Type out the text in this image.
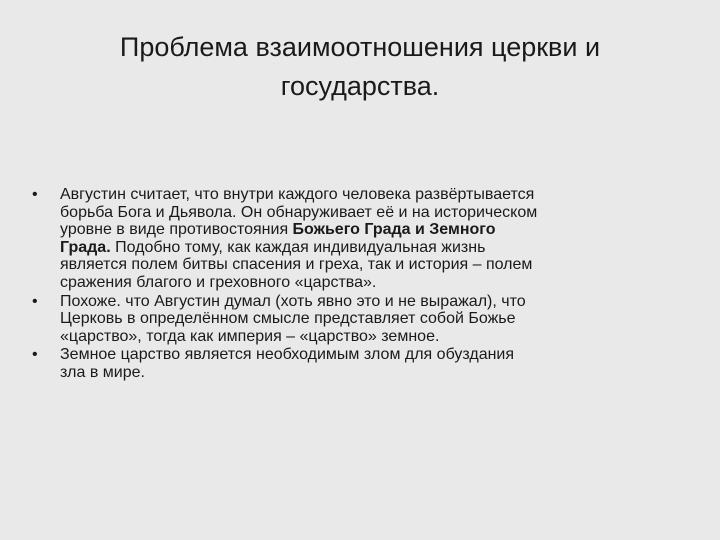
Проблема взаимоотношения церкви и
государства.
• Августин считает, что внутри каждого человека развёртывается
борьба Бога и Дьявола. Он обнаруживает её и на историческом
уровне в виде противостояния Божьего Града и Земного
Града. Подобно тому, как каждая индивидуальная жизнь
является полем битвы спасения и греха, так и история – полем
сражения благого и греховного «царства».
• Похоже. что Августин думал (хоть явно это и не выражал), что
Церковь в определённом смысле представляет собой Божье
«царство», тогда как империя – «царство» земное.
• Земное царство является необходимым злом для обуздания
зла в мире.
